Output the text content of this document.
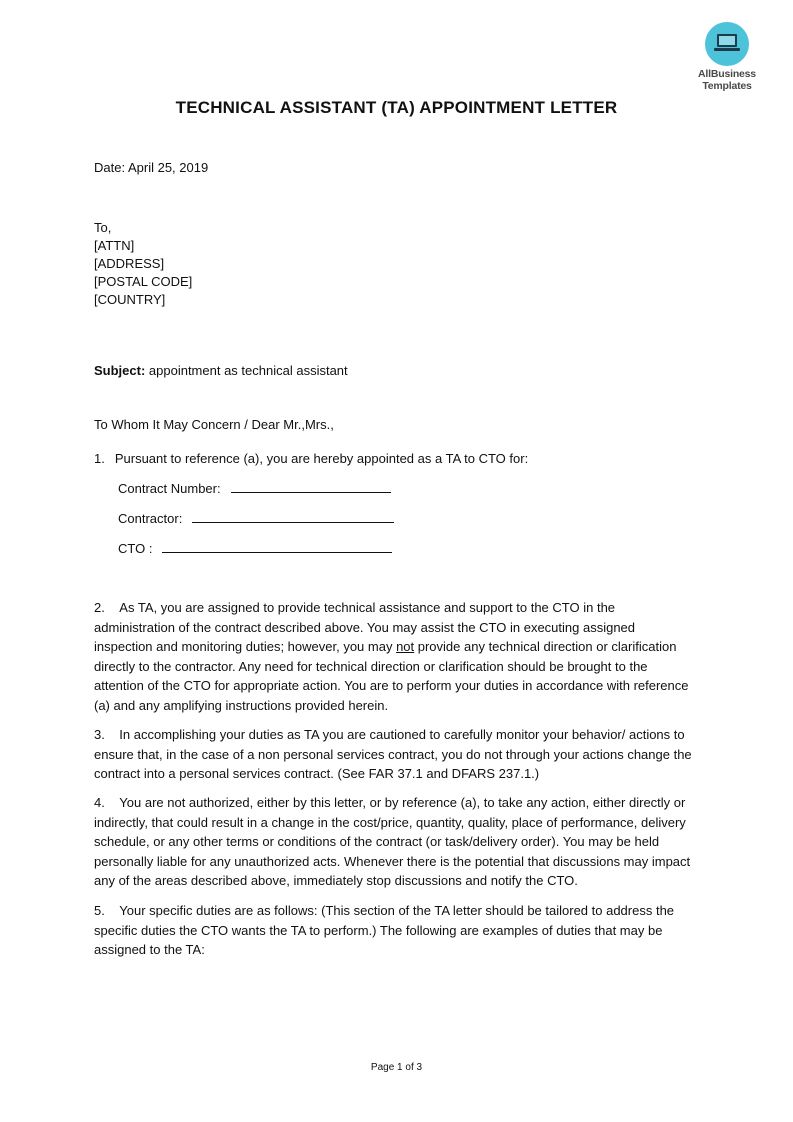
AllBusiness
Templates
TECHNICAL ASSISTANT (TA) APPOINTMENT LETTER
Date: April 25, 2019
To,
[ATTN]
[ADDRESS]
[POSTAL CODE]
[COUNTRY]
Subject: appointment as technical assistant
To Whom It May Concern / Dear Mr.,Mrs.,
1. Pursuant to reference (a), you are hereby appointed as a TA to CTO for:
Contract Number:
Contractor:
CTO :

2. As TA, you are assigned to provide technical assistance and support to the CTO in the administration of the contract described above. You may assist the CTO in executing assigned inspection and monitoring duties; however, you may not provide any technical direction or clarification directly to the contractor. Any need for technical direction or clarification should be brought to the attention of the CTO for appropriate action. You are to perform your duties in accordance with reference (a) and any amplifying instructions provided herein.

3. In accomplishing your duties as TA you are cautioned to carefully monitor your behavior/ actions to ensure that, in the case of a non personal services contract, you do not through your actions change the contract into a personal services contract. (See FAR 37.1 and DFARS 237.1.)

4. You are not authorized, either by this letter, or by reference (a), to take any action, either directly or indirectly, that could result in a change in the cost/price, quantity, quality, place of performance, delivery schedule, or any other terms or conditions of the contract (or task/delivery order). You may be held personally liable for any unauthorized acts. Whenever there is the potential that discussions may impact any of the areas described above, immediately stop discussions and notify the CTO.

5. Your specific duties are as follows: (This section of the TA letter should be tailored to address the specific duties the CTO wants the TA to perform.) The following are examples of duties that may be assigned to the TA:

Page 1 of 3
